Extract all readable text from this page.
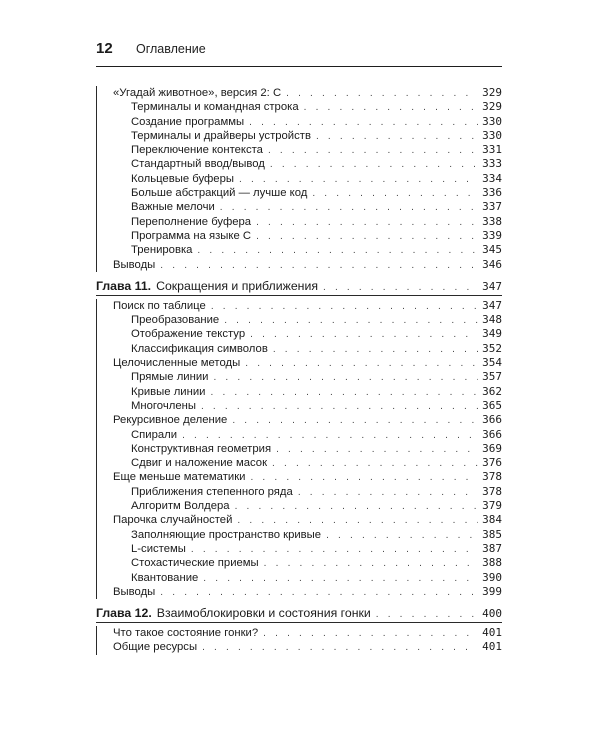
12	Оглавление
«Угадай животное», версия 2: С . . .	329
Терминалы и командная строка . . .	329
Создание программы . . .	330
Терминалы и драйверы устройств . . .	330
Переключение контекста . . .	331
Стандартный ввод/вывод . . .	333
Кольцевые буферы . . .	334
Больше абстракций — лучше код . . .	336
Важные мелочи . . .	337
Переполнение буфера . . .	338
Программа на языке С . . .	339
Тренировка . . .	345
Выводы . . .	346
Глава 11. Сокращения и приближения . . .	347
Поиск по таблице . . .	347
Преобразование . . .	348
Отображение текстур . . .	349
Классификация символов . . .	352
Целочисленные методы . . .	354
Прямые линии . . .	357
Кривые линии . . .	362
Многочлены . . .	365
Рекурсивное деление . . .	366
Спирали . . .	366
Конструктивная геометрия . . .	369
Сдвиг и наложение масок . . .	376
Еще меньше математики . . .	378
Приближения степенного ряда . . .	378
Алгоритм Волдера . . .	379
Парочка случайностей . . .	384
Заполняющие пространство кривые . . .	385
L-системы . . .	387
Стохастические приемы . . .	388
Квантование . . .	390
Выводы . . .	399
Глава 12. Взаимоблокировки и состояния гонки . . .	400
Что такое состояние гонки? . . .	401
Общие ресурсы . . .	401
